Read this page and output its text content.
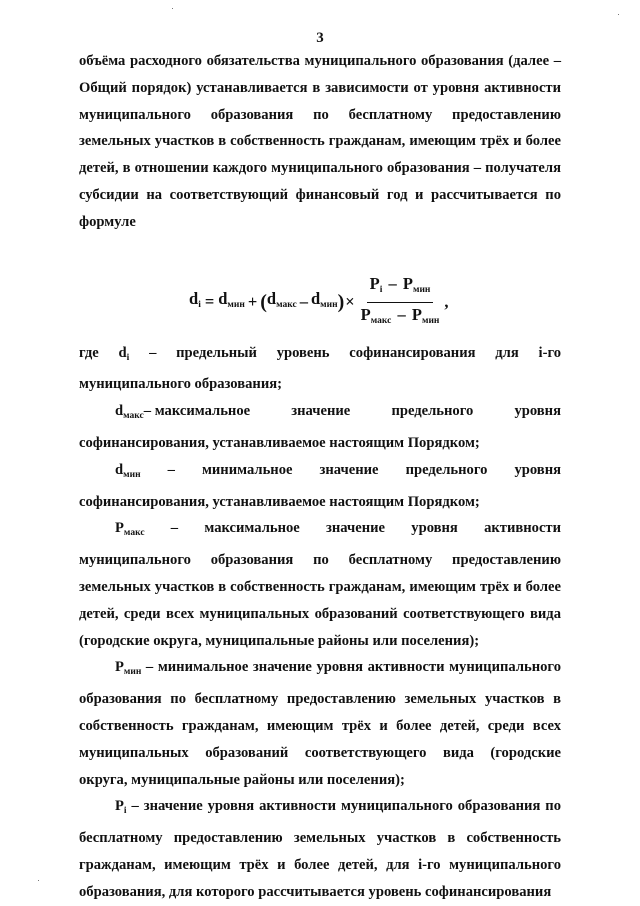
3

объёма расходного обязательства муниципального образования (далее – Общий порядок) устанавливается в зависимости от уровня активности муниципального образования по бесплатному предоставлению земельных участков в собственность гражданам, имеющим трёх и более детей, в отношении каждого муниципального образования – получателя субсидии на соответствующий финансовый год и рассчитывается по формуле

$d_i = d_{мин}$ + ( $d_{макс} - d_{мин}$ ) × $\frac{P_i - P_{мин}}{P_{макс} - P_{мин}}$ ,

где $d_i$ – предельный уровень софинансирования для i-го муниципального образования;

$d_{макс}-$ максимальное	значение	предельного	уровня

софинансирования, устанавливаемое настоящим Порядком;

$d_{мин}$ – минимальное значение предельного уровня софинансирования, устанавливаемое настоящим Порядком;

$P_{макс}$ – максимальное значение уровня активности муниципального образования по бесплатному предоставлению земельных участков в собственность гражданам, имеющим трёх и более детей, среди всех муниципальных образований соответствующего вида (городские округа, муниципальные районы или поселения);

$P_{мин}$ – минимальное значение уровня активности муниципального образования по бесплатному предоставлению земельных участков в собственность гражданам, имеющим трёх и более детей, среди всех муниципальных образований соответствующего вида (городские округа, муниципальные районы или поселения);

$P_i$ – значение уровня активности муниципального образования по бесплатному предоставлению земельных участков в собственность гражданам, имеющим трёх и более детей, для i-го муниципального образования, для которого рассчитывается уровень софинансирования
